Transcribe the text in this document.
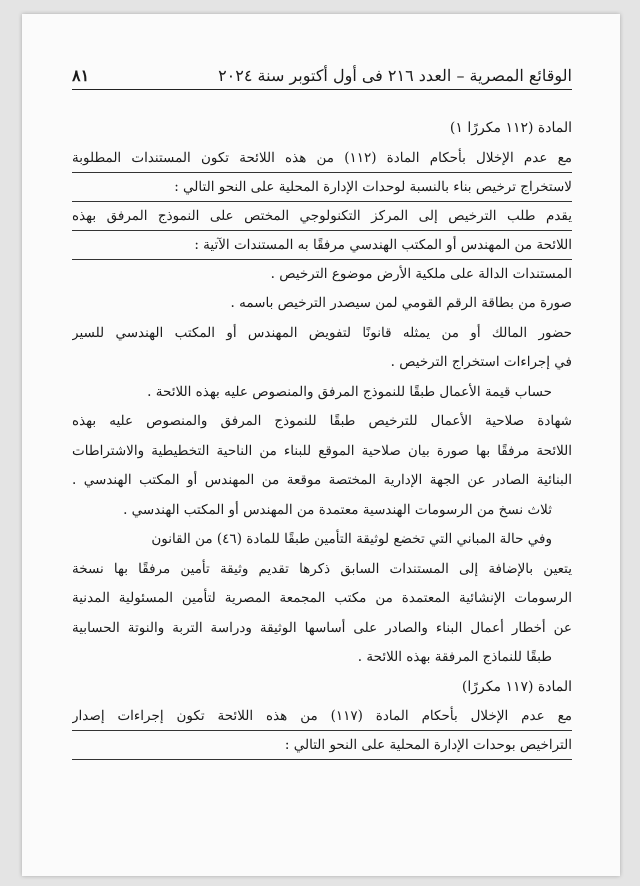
الوقائع المصرية – العدد ٢١٦ فى أول أكتوبر سنة ٢٠٢٤
٨١
المادة (١١٢ مكررًا ١)
مع عدم الإخلال بأحكام المادة (١١٢) من هذه اللائحة تكون المستندات المطلوبة
لاستخراج ترخيص بناء بالنسبة لوحدات الإدارة المحلية على النحو التالي :
يقدم طلب الترخيص إلى المركز التكنولوجي المختص على النموذج المرفق بهذه
اللائحة من المهندس أو المكتب الهندسي مرفقًا به المستندات الآتية :
المستندات الدالة على ملكية الأرض موضوع الترخيص .
صورة من بطاقة الرقم القومي لمن سيصدر الترخيص باسمه .
حضور المالك أو من يمثله قانونًا لتفويض المهندس أو المكتب الهندسي للسير
في إجراءات استخراج الترخيص .
حساب قيمة الأعمال طبقًا للنموذج المرفق والمنصوص عليه بهذه اللائحة .
شهادة صلاحية الأعمال للترخيص طبقًا للنموذج المرفق والمنصوص عليه بهذه
اللائحة مرفقًا بها صورة بيان صلاحية الموقع للبناء من الناحية التخطيطية والاشتراطات
البنائية الصادر عن الجهة الإدارية المختصة موقعة من المهندس أو المكتب الهندسي .
ثلاث نسخ من الرسومات الهندسية معتمدة من المهندس أو المكتب الهندسي .
وفي حالة المباني التي تخضع لوثيقة التأمين طبقًا للمادة (٤٦) من القانون
يتعين بالإضافة إلى المستندات السابق ذكرها تقديم وثيقة تأمين مرفقًا بها نسخة
الرسومات الإنشائية المعتمدة من مكتب المجمعة المصرية لتأمين المسئولية المدنية
عن أخطار أعمال البناء والصادر على أساسها الوثيقة ودراسة التربة والنوتة الحسابية
طبقًا للنماذج المرفقة بهذه اللائحة .
المادة (١١٧ مكررًا)
مع عدم الإخلال بأحكام المادة (١١٧) من هذه اللائحة تكون إجراءات إصدار
التراخيص بوحدات الإدارة المحلية على النحو التالي :
